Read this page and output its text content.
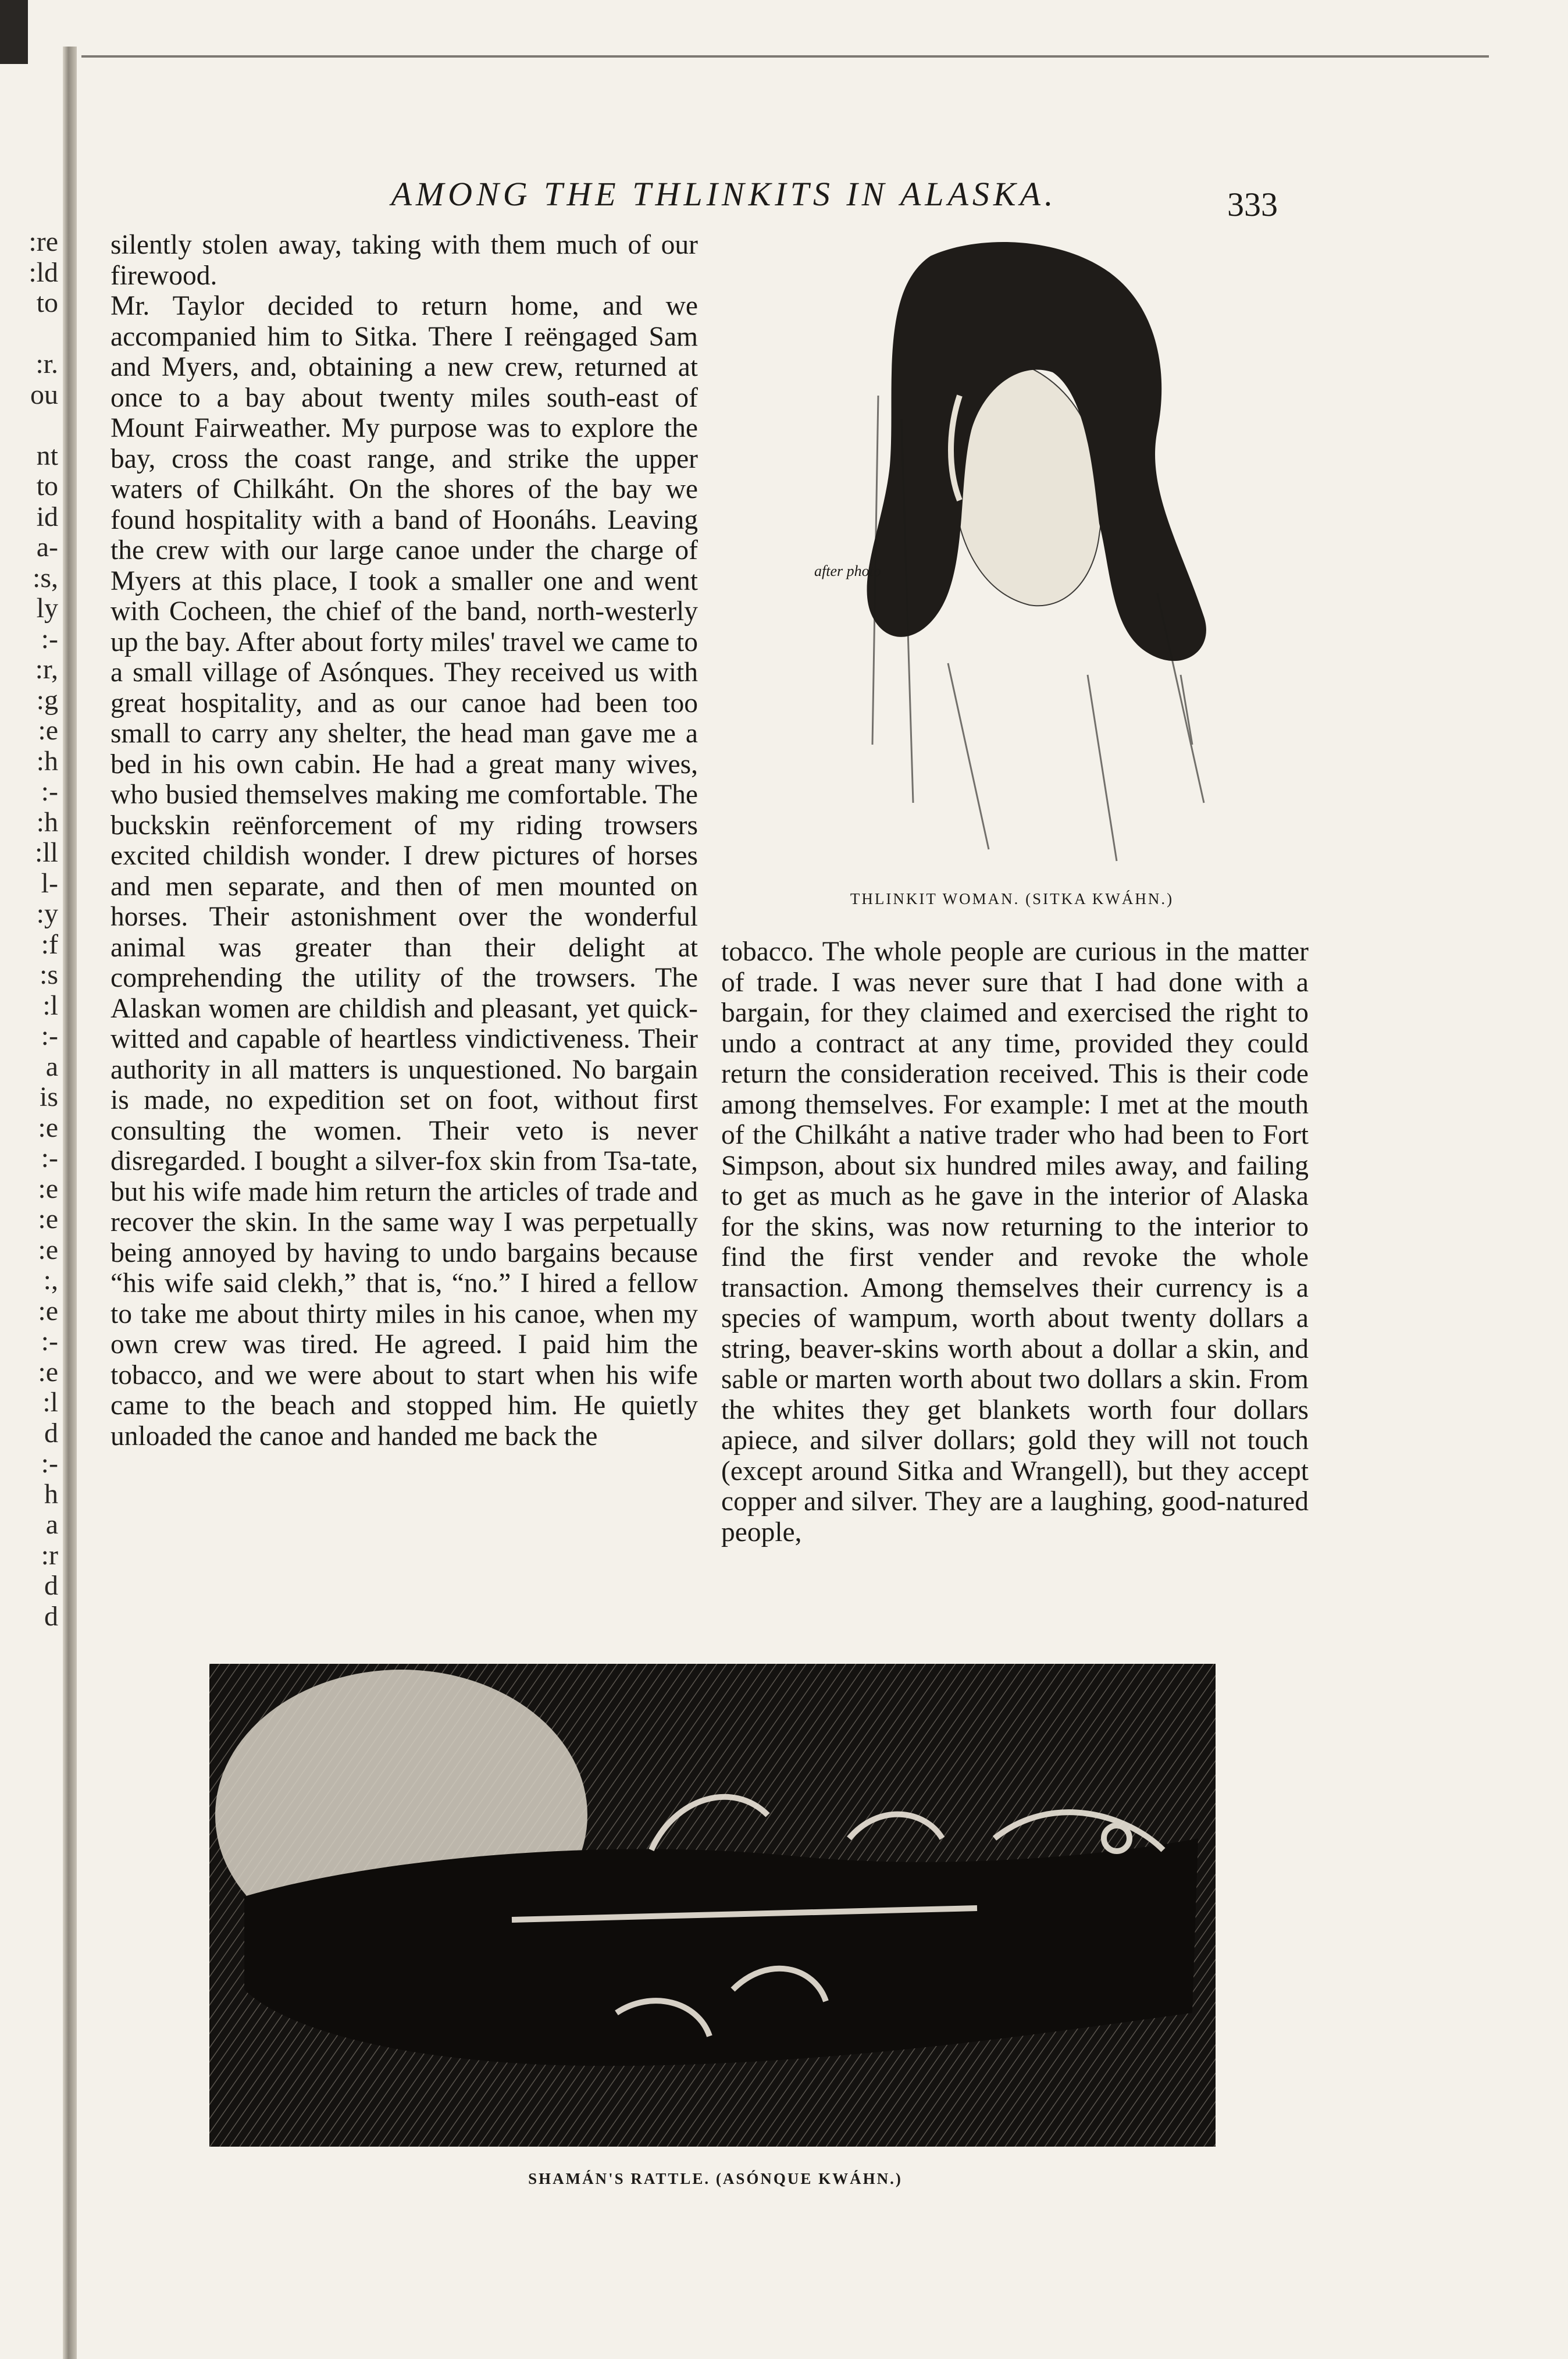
:re
:ld
to

:r.
ou

nt
to
id
a-
:s,
ly
:-
:r,
:g
:e
:h
:-
:h
:ll
l-
:y
:f
:s
:l
:-
a
is
:e
:-
:e
:e
:e
:,
:e
:-
:e
:l
d
:-
h
a
:r
d
d
AMONG THE THLINKITS IN ALASKA.	333

silently stolen away, taking with them much of our firewood.

Mr. Taylor decided to return home, and we accompanied him to Sitka. There I reëngaged Sam and Myers, and, obtaining a new crew, returned at once to a bay about twenty miles south-east of Mount Fairweather. My purpose was to explore the bay, cross the coast range, and strike the upper waters of Chilkáht. On the shores of the bay we found hospitality with a band of Hoonáhs. Leaving the crew with our large canoe under the charge of Myers at this place, I took a smaller one and went with Cocheen, the chief of the band, north-westerly up the bay. After about forty miles' travel we came to a small village of Asónques. They received us with great hospitality, and as our canoe had been too small to carry any shelter, the head man gave me a bed in his own cabin. He had a great many wives, who busied themselves making me comfortable. The buckskin reënforcement of my riding trowsers excited childish wonder. I drew pictures of horses and men separate, and then of men mounted on horses. Their astonishment over the wonderful animal was greater than their delight at comprehending the utility of the trowsers. The Alaskan women are childish and pleasant, yet quick-witted and capable of heartless vindictiveness. Their authority in all matters is unquestioned. No bargain is made, no expedition set on foot, without first consulting the women. Their veto is never disregarded. I bought a silver-fox skin from Tsa-tate, but his wife made him return the articles of trade and recover the skin. In the same way I was perpetually being annoyed by having to undo bargains because “his wife said clekh,” that is, “no.” I hired a fellow to take me about thirty miles in his canoe, when my own crew was tired. He agreed. I paid him the tobacco, and we were about to start when his wife came to the beach and stopped him. He quietly unloaded the canoe and handed me back the

after photo
THLINKIT WOMAN. (SITKA KWÁHN.)
tobacco. The whole people are curious in the matter of trade. I was never sure that I had done with a bargain, for they claimed and exercised the right to undo a contract at any time, provided they could return the consideration received. This is their code among themselves. For example: I met at the mouth of the Chilkáht a native trader who had been to Fort Simpson, about six hundred miles away, and failing to get as much as he gave in the interior of Alaska for the skins, was now returning to the interior to find the first vender and revoke the whole transaction. Among themselves their currency is a species of wampum, worth about twenty dollars a string, beaver-skins worth about a dollar a skin, and sable or marten worth about two dollars a skin. From the whites they get blankets worth four dollars apiece, and silver dollars; gold they will not touch (except around Sitka and Wrangell), but they accept copper and silver. They are a laughing, good-natured people,
SHAMÁN'S RATTLE. (ASÓNQUE KWÁHN.)
